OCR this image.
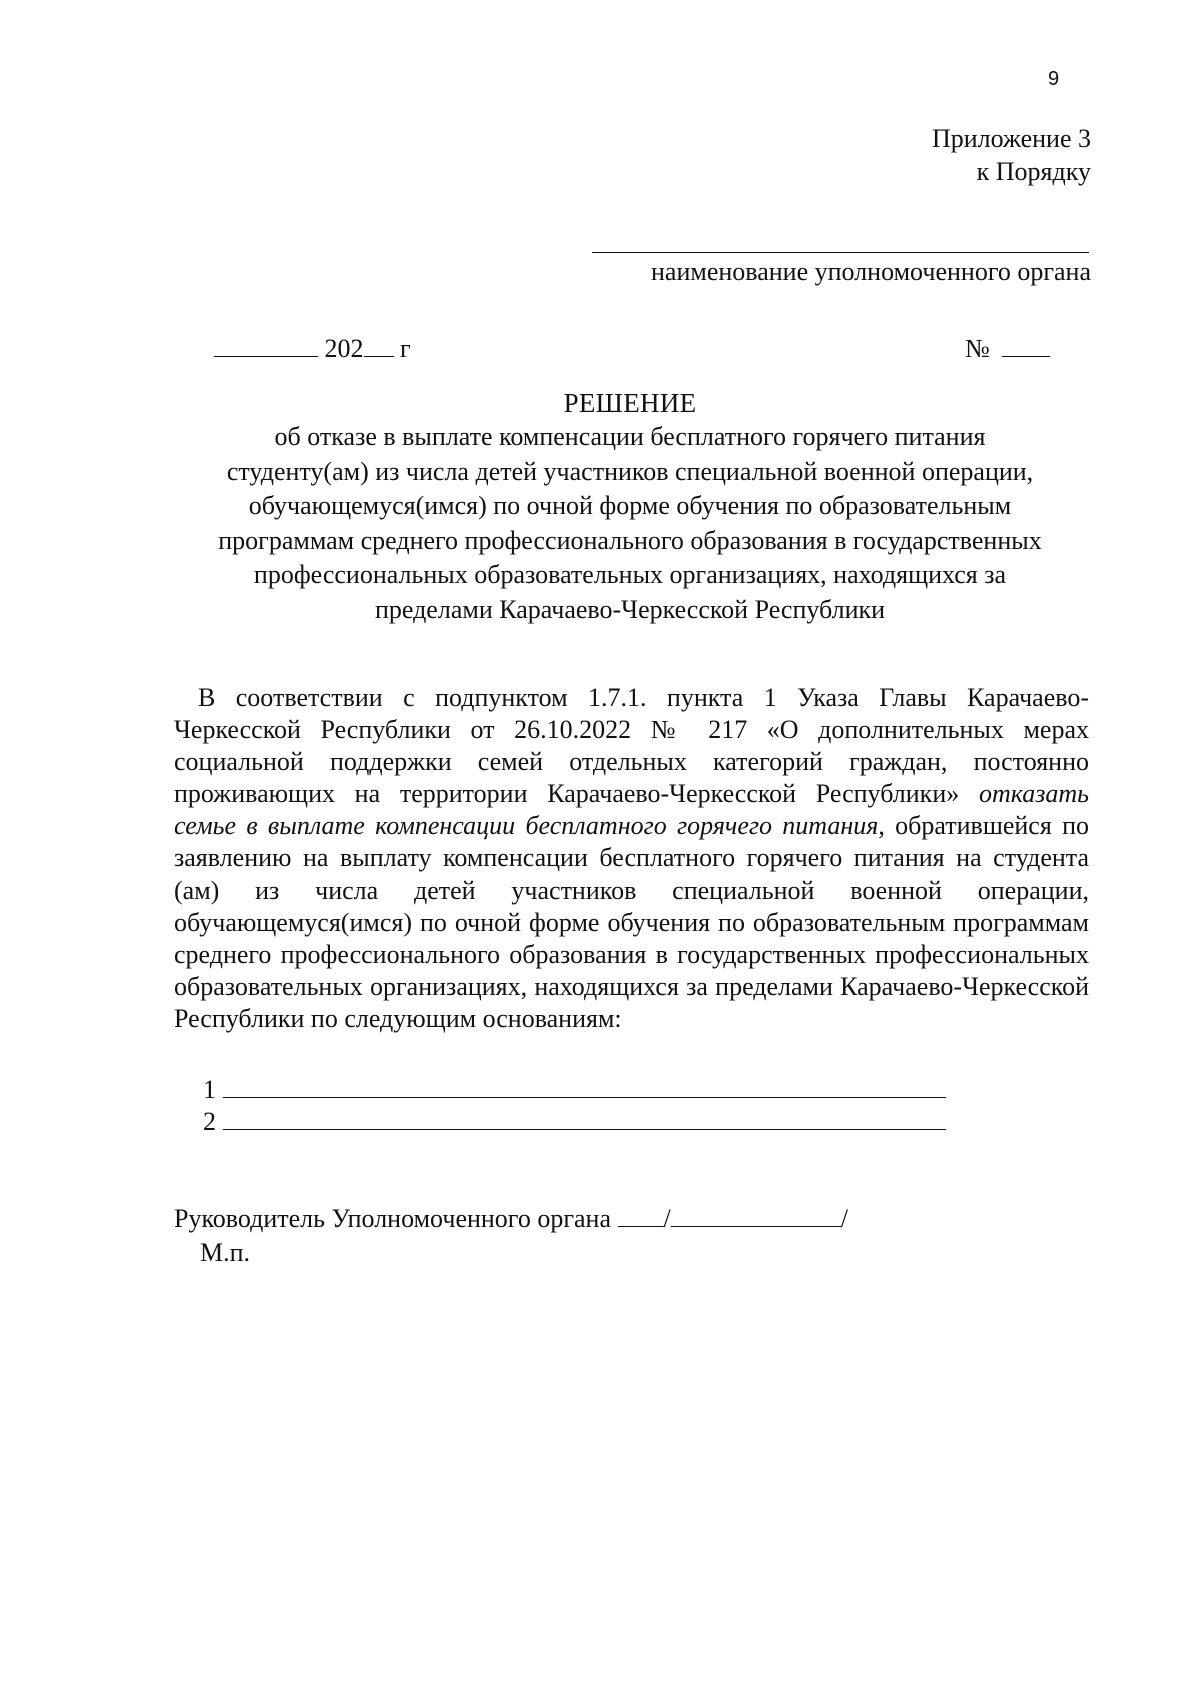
9
Приложение 3
к Порядку
наименование уполномоченного органа
202 г	№
РЕШЕНИЕ
об отказе в выплате компенсации бесплатного горячего питания
студенту(ам) из числа детей участников специальной военной операции,
обучающемуся(имся) по очной форме обучения по образовательным
программам среднего профессионального образования в государственных
профессиональных образовательных организациях, находящихся за
пределами Карачаево-Черкесской Республики
В соответствии с подпунктом 1.7.1. пункта 1 Указа Главы Карачаево-Черкесской Республики от 26.10.2022 № 217 «О дополнительных мерах социальной поддержки семей отдельных категорий граждан, постоянно проживающих на территории Карачаево-Черкесской Республики» отказать семье в выплате компенсации бесплатного горячего питания, обратившейся по заявлению на выплату компенсации бесплатного горячего питания на студента (ам) из числа детей участников специальной военной операции, обучающемуся(имся) по очной форме обучения по образовательным программам среднего профессионального образования в государственных профессиональных образовательных организациях, находящихся за пределами Карачаево-Черкесской Республики по следующим основаниям:
1
2
Руководитель Уполномоченного органа /	/
М.п.
